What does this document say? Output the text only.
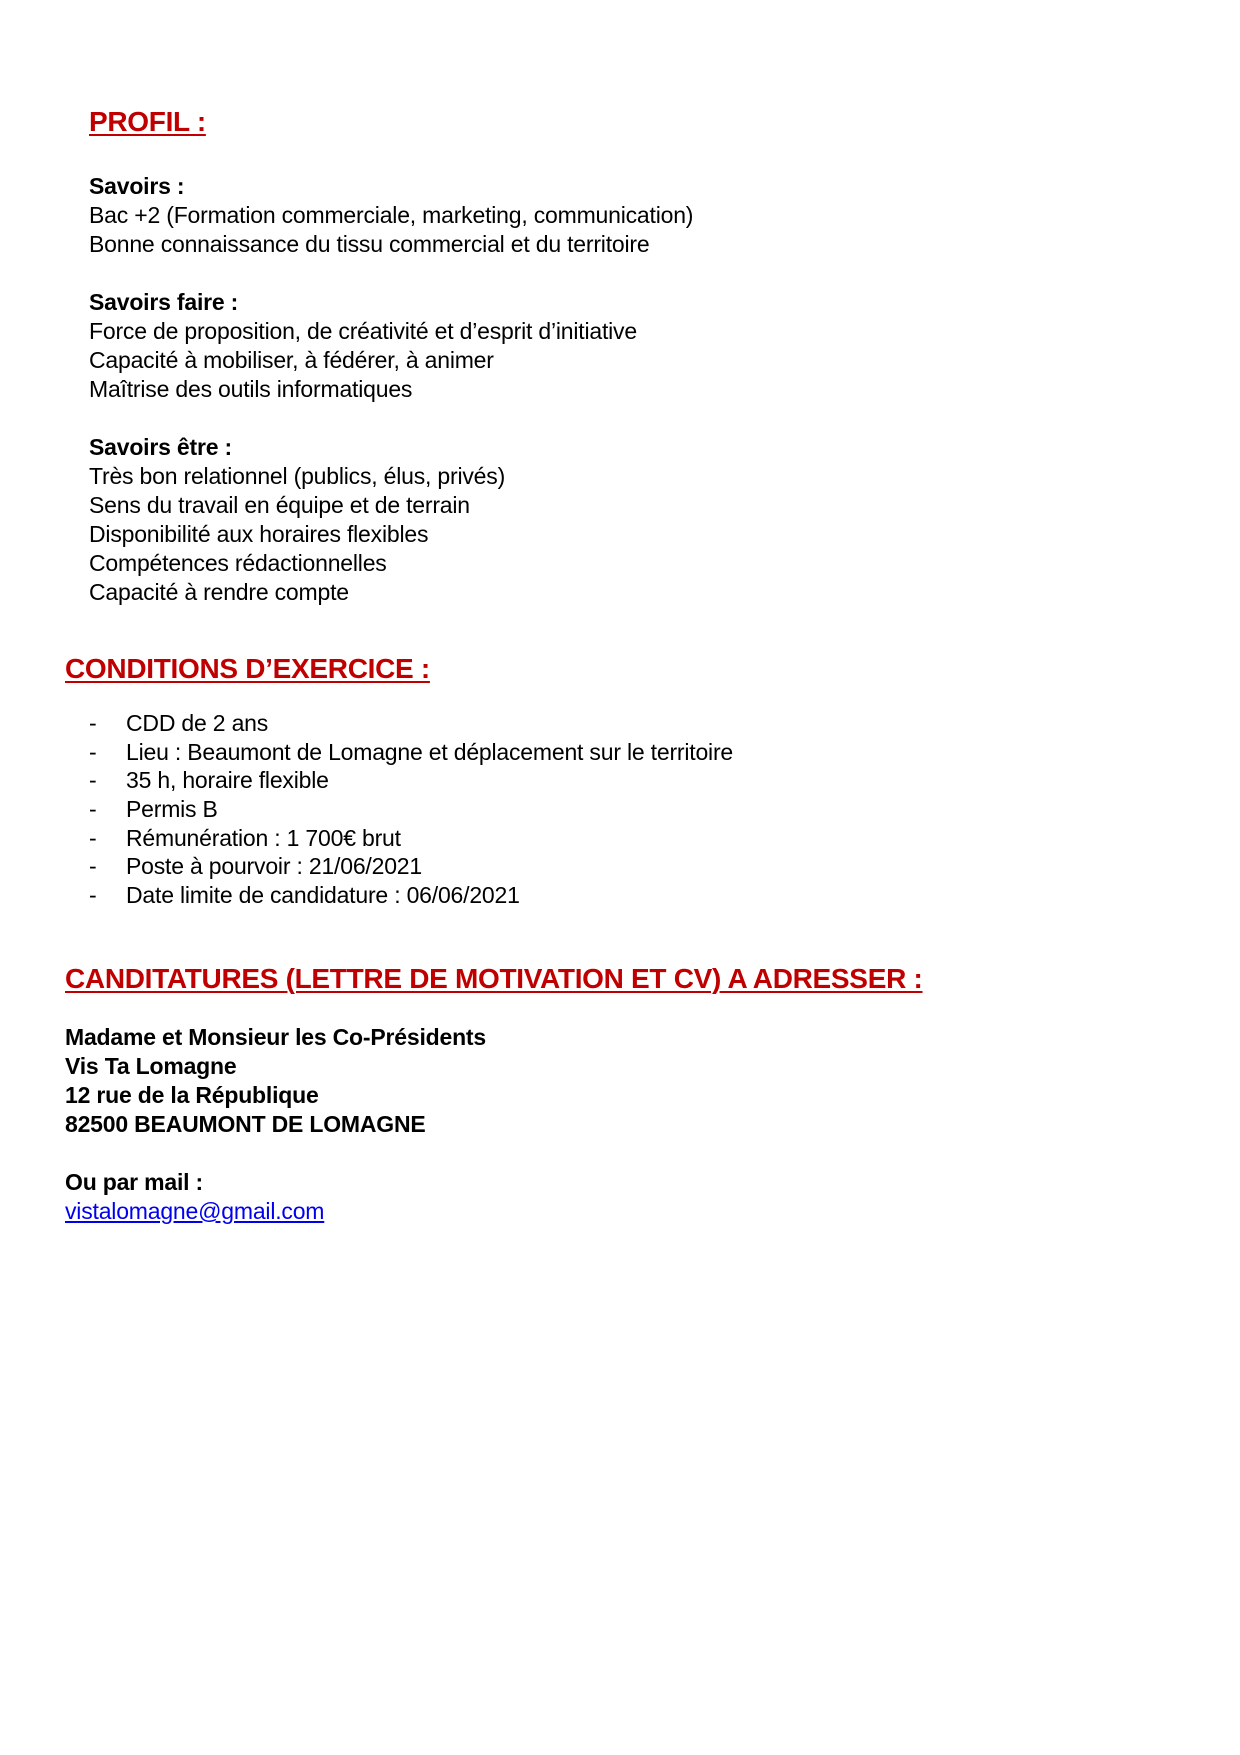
PROFIL :
Savoirs :
Bac +2 (Formation commerciale, marketing, communication)
Bonne connaissance du tissu commercial et du territoire
Savoirs faire :
Force de proposition, de créativité et d’esprit d’initiative
Capacité à mobiliser, à fédérer, à animer
Maîtrise des outils informatiques
Savoirs être :
Très bon relationnel (publics, élus, privés)
Sens du travail en équipe et de terrain
Disponibilité aux horaires flexibles
Compétences rédactionnelles
Capacité à rendre compte
CONDITIONS D’EXERCICE :
- CDD de 2 ans
- Lieu : Beaumont de Lomagne et déplacement sur le territoire
- 35 h, horaire flexible
- Permis B
- Rémunération : 1 700€ brut
- Poste à pourvoir : 21/06/2021
- Date limite de candidature : 06/06/2021
CANDITATURES (LETTRE DE MOTIVATION ET CV) A ADRESSER :
Madame et Monsieur les Co-Présidents
Vis Ta Lomagne
12 rue de la République
82500 BEAUMONT DE LOMAGNE
Ou par mail :
vistalomagne@gmail.com
